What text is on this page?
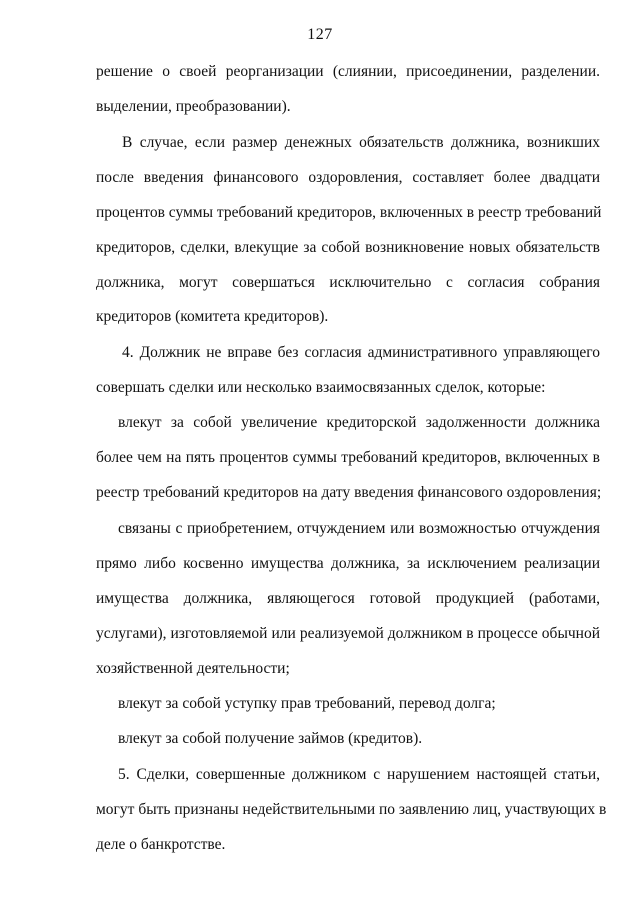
127
решение о своей реорганизации (слиянии, присоединении, разделении.
выделении, преобразовании).
В случае, если размер денежных обязательств должника, возникших
после введения финансового оздоровления, составляет более двадцати
процентов суммы требований кредиторов, включенных в реестр требований
кредиторов, сделки, влекущие за собой возникновение новых обязательств
должника, могут совершаться исключительно с согласия собрания
кредиторов (комитета кредиторов).
4. Должник не вправе без согласия административного управляющего
совершать сделки или несколько взаимосвязанных сделок, которые:
влекут за собой увеличение кредиторской задолженности должника
более чем на пять процентов суммы требований кредиторов, включенных в
реестр требований кредиторов на дату введения финансового оздоровления;
связаны с приобретением, отчуждением или возможностью отчуждения
прямо либо косвенно имущества должника, за исключением реализации
имущества должника, являющегося готовой продукцией (работами,
услугами), изготовляемой или реализуемой должником в процессе обычной
хозяйственной деятельности;
влекут за собой уступку прав требований, перевод долга;
влекут за собой получение займов (кредитов).
5. Сделки, совершенные должником с нарушением настоящей статьи,
могут быть признаны недействительными по заявлению лиц, участвующих в
деле о банкротстве.
